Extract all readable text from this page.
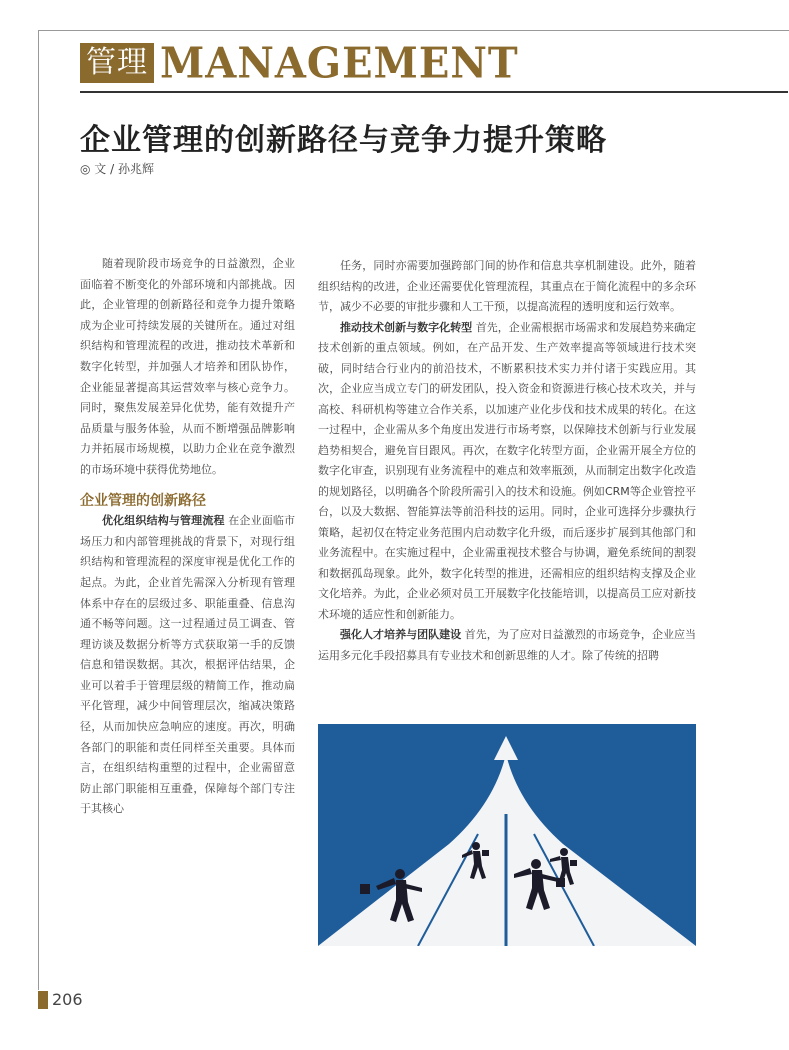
管理 MANAGEMENT
企业管理的创新路径与竞争力提升策略
◎ 文 / 孙兆辉

随着现阶段市场竞争的日益激烈，企业面临着不断变化的外部环境和内部挑战。因此，企业管理的创新路径和竞争力提升策略成为企业可持续发展的关键所在。通过对组织结构和管理流程的改进，推动技术革新和数字化转型，并加强人才培养和团队协作，企业能显著提高其运营效率与核心竞争力。同时，聚焦发展差异化优势，能有效提升产品质量与服务体验，从而不断增强品牌影响力并拓展市场规模，以助力企业在竞争激烈的市场环境中获得优势地位。

企业管理的创新路径

优化组织结构与管理流程 在企业面临市场压力和内部管理挑战的背景下，对现行组织结构和管理流程的深度审视是优化工作的起点。为此，企业首先需深入分析现有管理体系中存在的层级过多、职能重叠、信息沟通不畅等问题。这一过程通过员工调查、管理访谈及数据分析等方式获取第一手的反馈信息和错误数据。其次，根据评估结果，企业可以着手于管理层级的精简工作，推动扁平化管理，减少中间管理层次，缩减决策路径，从而加快应急响应的速度。再次，明确各部门的职能和责任同样至关重要。具体而言，在组织结构重塑的过程中，企业需留意防止部门职能相互重叠，保障每个部门专注于其核心

任务，同时亦需要加强跨部门间的协作和信息共享机制建设。此外，随着组织结构的改进，企业还需要优化管理流程，其重点在于简化流程中的多余环节，减少不必要的审批步骤和人工干预，以提高流程的透明度和运行效率。

推动技术创新与数字化转型 首先，企业需根据市场需求和发展趋势来确定技术创新的重点领域。例如，在产品开发、生产效率提高等领域进行技术突破，同时结合行业内的前沿技术，不断累积技术实力并付诸于实践应用。其次，企业应当成立专门的研发团队，投入资金和资源进行核心技术攻关，并与高校、科研机构等建立合作关系，以加速产业化步伐和技术成果的转化。在这一过程中，企业需从多个角度出发进行市场考察，以保障技术创新与行业发展趋势相契合，避免盲目跟风。再次，在数字化转型方面，企业需开展全方位的数字化审查，识别现有业务流程中的难点和效率瓶颈，从而制定出数字化改造的规划路径，以明确各个阶段所需引入的技术和设施。例如CRM等企业管控平台，以及大数据、智能算法等前沿科技的运用。同时，企业可选择分步骤执行策略，起初仅在特定业务范围内启动数字化升级，而后逐步扩展到其他部门和业务流程中。在实施过程中，企业需重视技术整合与协调，避免系统间的割裂和数据孤岛现象。此外，数字化转型的推进，还需相应的组织结构支撑及企业文化培养。为此，企业必须对员工开展数字化技能培训，以提高员工应对新技术环境的适应性和创新能力。

强化人才培养与团队建设 首先，为了应对日益激烈的市场竞争，企业应当运用多元化手段招募具有专业技术和创新思维的人才。除了传统的招聘

206
